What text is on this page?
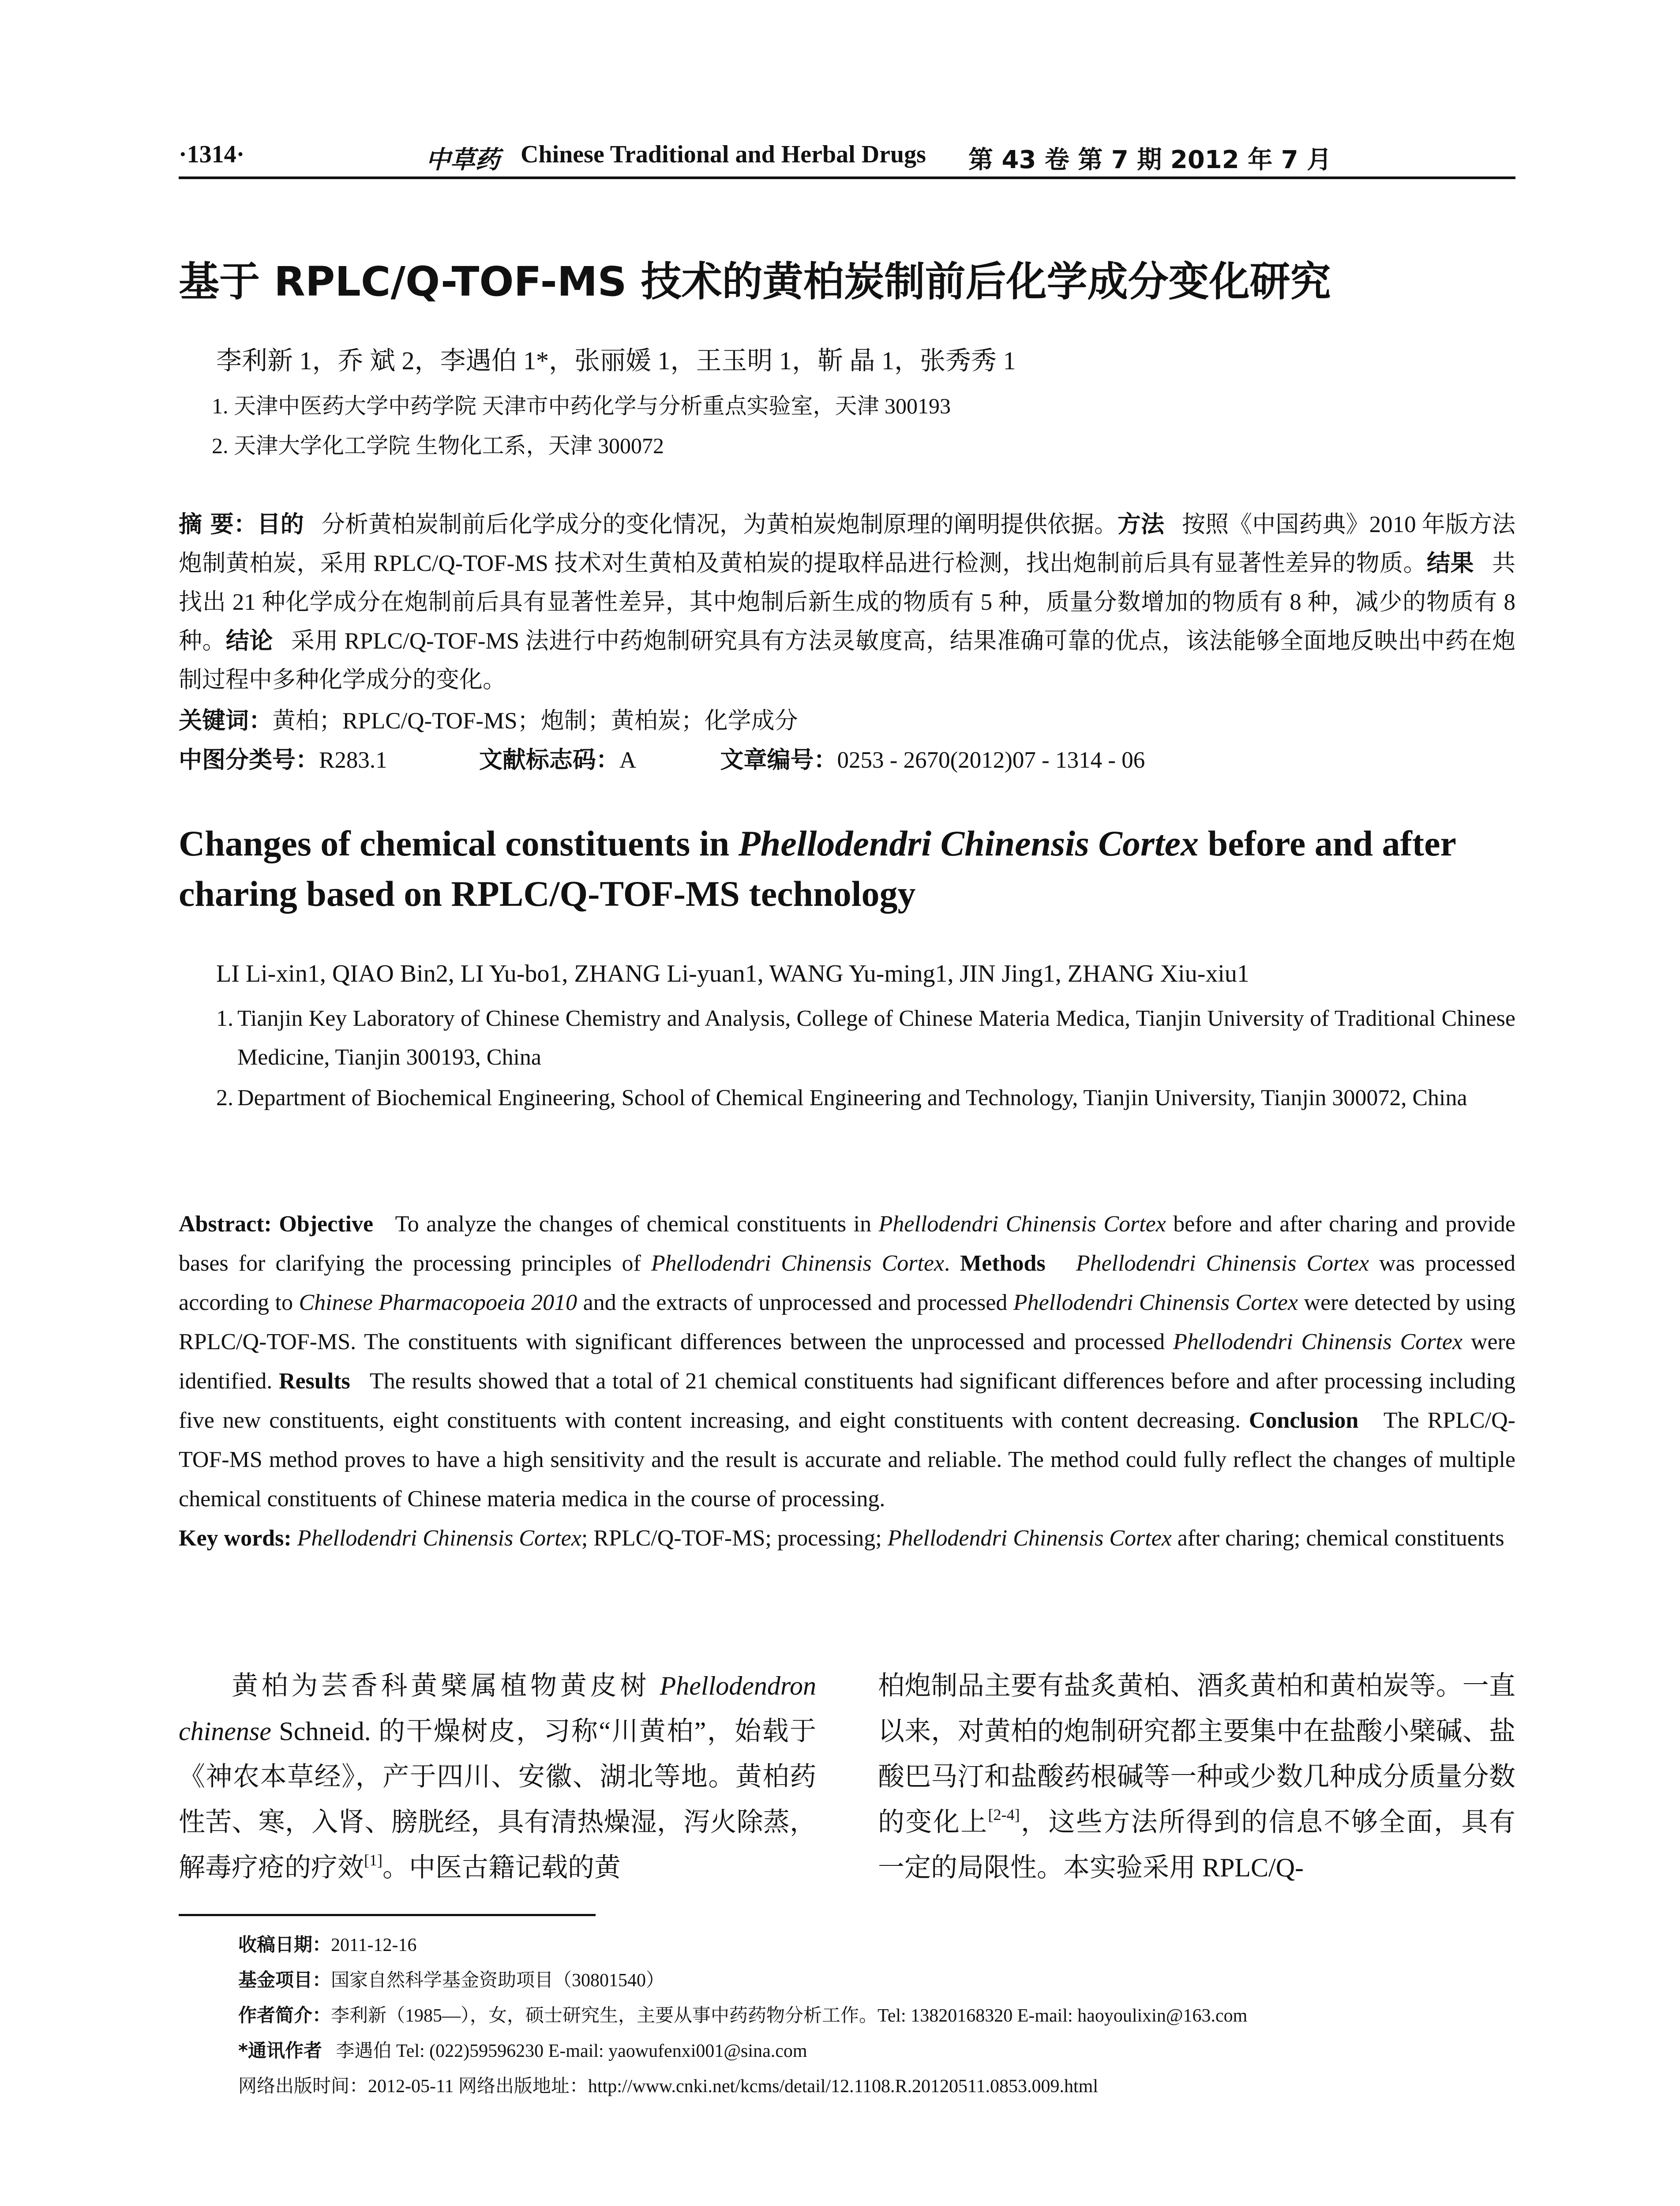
·1314·	中草药 Chinese Traditional and Herbal Drugs 第 43 卷 第 7 期 2012 年 7 月
基于 RPLC/Q-TOF-MS 技术的黄柏炭制前后化学成分变化研究
李利新 1，乔 斌 2，李遇伯 1*，张丽媛 1，王玉明 1，靳 晶 1，张秀秀 1
1. 天津中医药大学中药学院 天津市中药化学与分析重点实验室，天津 300193
2. 天津大学化工学院 生物化工系，天津 300072
摘 要：目的 分析黄柏炭制前后化学成分的变化情况，为黄柏炭炮制原理的阐明提供依据。方法 按照《中国药典》2010 年版方法炮制黄柏炭，采用 RPLC/Q-TOF-MS 技术对生黄柏及黄柏炭的提取样品进行检测，找出炮制前后具有显著性差异的物质。结果 共找出 21 种化学成分在炮制前后具有显著性差异，其中炮制后新生成的物质有 5 种，质量分数增加的物质有 8 种，减少的物质有 8 种。结论 采用 RPLC/Q-TOF-MS 法进行中药炮制研究具有方法灵敏度高，结果准确可靠的优点，该法能够全面地反映出中药在炮制过程中多种化学成分的变化。
关键词：黄柏；RPLC/Q-TOF-MS；炮制；黄柏炭；化学成分
中图分类号：R283.1	文献标志码：A	文章编号：0253 - 2670(2012)07 - 1314 - 06
Changes of chemical constituents in Phellodendri Chinensis Cortex before and after charing based on RPLC/Q-TOF-MS technology
LI Li-xin1, QIAO Bin2, LI Yu-bo1, ZHANG Li-yuan1, WANG Yu-ming1, JIN Jing1, ZHANG Xiu-xiu1
1. Tianjin Key Laboratory of Chinese Chemistry and Analysis, College of Chinese Materia Medica, Tianjin University of Traditional Chinese Medicine, Tianjin 300193, China
2. Department of Biochemical Engineering, School of Chemical Engineering and Technology, Tianjin University, Tianjin 300072, China
Abstract: Objective To analyze the changes of chemical constituents in Phellodendri Chinensis Cortex before and after charing and provide bases for clarifying the processing principles of Phellodendri Chinensis Cortex. Methods Phellodendri Chinensis Cortex was processed according to Chinese Pharmacopoeia 2010 and the extracts of unprocessed and processed Phellodendri Chinensis Cortex were detected by using RPLC/Q-TOF-MS. The constituents with significant differences between the unprocessed and processed Phellodendri Chinensis Cortex were identified. Results The results showed that a total of 21 chemical constituents had significant differences before and after processing including five new constituents, eight constituents with content increasing, and eight constituents with content decreasing. Conclusion The RPLC/Q-TOF-MS method proves to have a high sensitivity and the result is accurate and reliable. The method could fully reflect the changes of multiple chemical constituents of Chinese materia medica in the course of processing.
Key words: Phellodendri Chinensis Cortex; RPLC/Q-TOF-MS; processing; Phellodendri Chinensis Cortex after charing; chemical constituents
黄柏为芸香科黄檗属植物黄皮树 Phellodendron chinense Schneid. 的干燥树皮，习称“川黄柏”，始载于《神农本草经》，产于四川、安徽、湖北等地。黄柏药性苦、寒，入肾、膀胱经，具有清热燥湿，泻火除蒸，解毒疗疮的疗效[1]。中医古籍记载的黄
柏炮制品主要有盐炙黄柏、酒炙黄柏和黄柏炭等。一直以来，对黄柏的炮制研究都主要集中在盐酸小檗碱、盐酸巴马汀和盐酸药根碱等一种或少数几种成分质量分数的变化上[2-4]，这些方法所得到的信息不够全面，具有一定的局限性。本实验采用 RPLC/Q-
收稿日期：2011-12-16
基金项目：国家自然科学基金资助项目（30801540）
作者简介：李利新（1985—），女，硕士研究生，主要从事中药药物分析工作。Tel: 13820168320 E-mail: haoyoulixin@163.com
*通讯作者 李遇伯 Tel: (022)59596230 E-mail: yaowufenxi001@sina.com
网络出版时间：2012-05-11 网络出版地址：http://www.cnki.net/kcms/detail/12.1108.R.20120511.0853.009.html
